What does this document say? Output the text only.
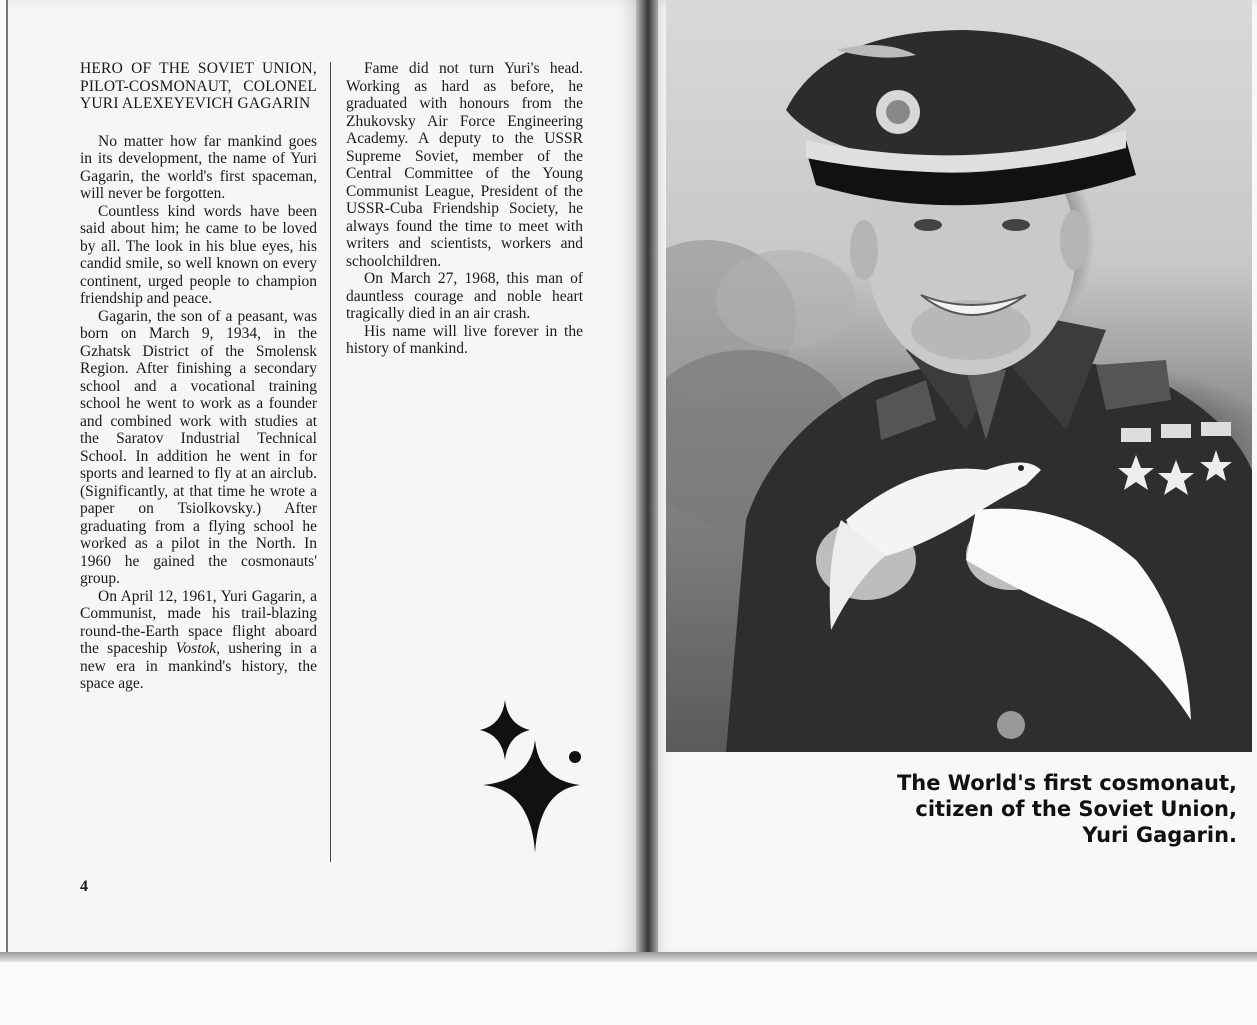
HERO OF THE SOVIET UNION, PILOT-COSMONAUT, COLONEL YURI ALEXEYEVICH GAGARIN

No matter how far mankind goes in its development, the name of Yuri Gagarin, the world's first spaceman, will never be forgotten.

Countless kind words have been said about him; he came to be loved by all. The look in his blue eyes, his candid smile, so well known on every continent, urged people to champion friendship and peace.

Gagarin, the son of a peasant, was born on March 9, 1934, in the Gzhatsk District of the Smolensk Region. After finishing a secondary school and a vocational training school he went to work as a founder and combined work with studies at the Saratov Industrial Technical School. In addition he went in for sports and learned to fly at an airclub. (Significantly, at that time he wrote a paper on Tsiolkovsky.) After graduating from a flying school he worked as a pilot in the North. In 1960 he gained the cosmonauts' group.

On April 12, 1961, Yuri Gagarin, a Communist, made his trail-blazing round-the-Earth space flight aboard the spaceship Vostok, ushering in a new era in mankind's history, the space age.

Fame did not turn Yuri's head. Working as hard as before, he graduated with honours from the Zhukovsky Air Force Engineering Academy. A deputy to the USSR Supreme Soviet, member of the Central Committee of the Young Communist League, President of the USSR-Cuba Friendship Society, he always found the time to meet with writers and scientists, workers and schoolchildren.

On March 27, 1968, this man of dauntless courage and noble heart tragically died in an air crash.

His name will live forever in the history of mankind.

4
The World's first cosmonaut,
citizen of the Soviet Union,
Yuri Gagarin.
